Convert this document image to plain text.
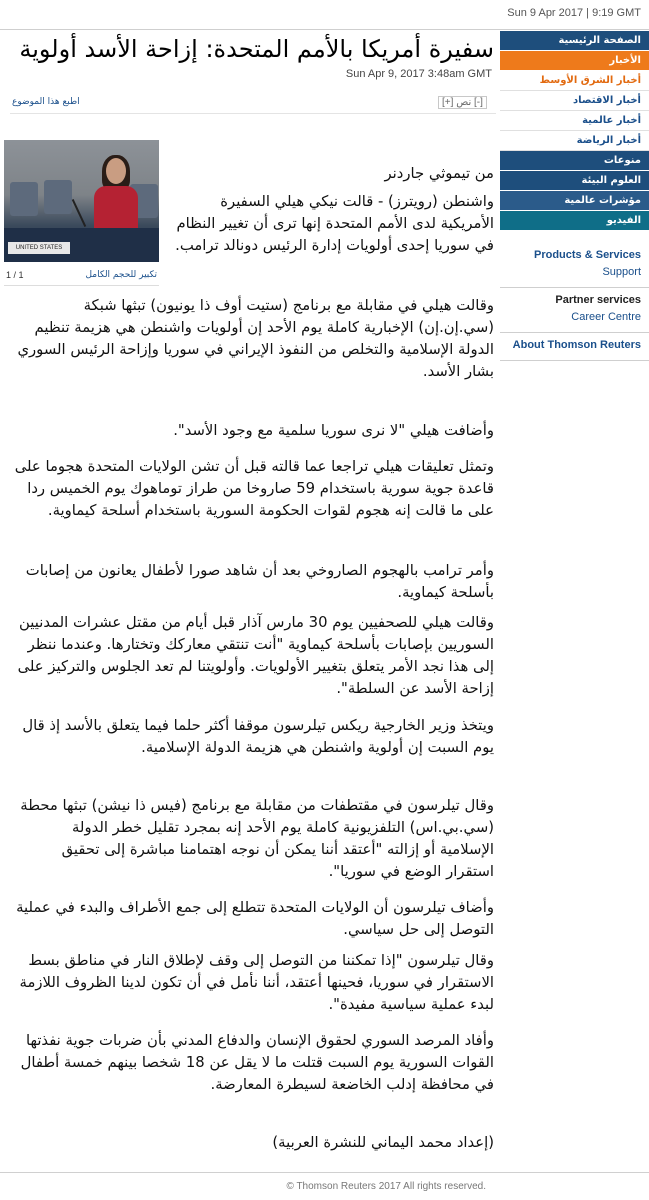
Sun 9 Apr 2017 | 9:19 GMT
سفيرة أمريكا بالأمم المتحدة: إزاحة الأسد أولوية
Sun Apr 9, 2017 3:48am GMT
اطبع هذا الموضوع	[+] نص [-]
UNITED STATES
تكبير للحجم الكامل
1 / 1

من تيموثي جاردنر

واشنطن (رويترز) - قالت نيكي هيلي السفيرة الأمريكية لدى الأمم المتحدة إنها ترى أن تغيير النظام في سوريا إحدى أولويات إدارة الرئيس دونالد ترامب.

وقالت هيلي في مقابلة مع برنامج (ستيت أوف ذا يونيون) تبثها شبكة (سي.إن.إن) الإخبارية كاملة يوم الأحد إن أولويات واشنطن هي هزيمة تنظيم الدولة الإسلامية والتخلص من النفوذ الإيراني في سوريا وإزاحة الرئيس السوري بشار الأسد.

وأضافت هيلي "لا نرى سوريا سلمية مع وجود الأسد".

وتمثل تعليقات هيلي تراجعا عما قالته قبل أن تشن الولايات المتحدة هجوما على قاعدة جوية سورية باستخدام 59 صاروخا من طراز توماهوك يوم الخميس ردا على ما قالت إنه هجوم لقوات الحكومة السورية باستخدام أسلحة كيماوية.

وأمر ترامب بالهجوم الصاروخي بعد أن شاهد صورا لأطفال يعانون من إصابات بأسلحة كيماوية.

وقالت هيلي للصحفيين يوم 30 مارس آذار قبل أيام من مقتل عشرات المدنيين السوريين بإصابات بأسلحة كيماوية "أنت تنتقي معاركك وتختارها. وعندما ننظر إلى هذا نجد الأمر يتعلق بتغيير الأولويات. وأولويتنا لم تعد الجلوس والتركيز على إزاحة الأسد عن السلطة".

ويتخذ وزير الخارجية ريكس تيلرسون موقفا أكثر حلما فيما يتعلق بالأسد إذ قال يوم السبت إن أولوية واشنطن هي هزيمة الدولة الإسلامية.

وقال تيلرسون في مقتطفات من مقابلة مع برنامج (فيس ذا نيشن) تبثها محطة (سي.بي.اس) التلفزيونية كاملة يوم الأحد إنه بمجرد تقليل خطر الدولة الإسلامية أو إزالته "أعتقد أننا يمكن أن نوجه اهتمامنا مباشرة إلى تحقيق استقرار الوضع في سوريا".

وأضاف تيلرسون أن الولايات المتحدة تتطلع إلى جمع الأطراف والبدء في عملية التوصل إلى حل سياسي.

وقال تيلرسون "إذا تمكننا من التوصل إلى وقف لإطلاق النار في مناطق بسط الاستقرار في سوريا، فحينها أعتقد، أننا نأمل في أن تكون لدينا الظروف اللازمة لبدء عملية سياسية مفيدة".

وأفاد المرصد السوري لحقوق الإنسان والدفاع المدني بأن ضربات جوية نفذتها القوات السورية يوم السبت قتلت ما لا يقل عن 18 شخصا بينهم خمسة أطفال في محافظة إدلب الخاضعة لسيطرة المعارضة.

(إعداد محمد اليماني للنشرة العربية)

الصفحة الرئيسية
الأخبار
أخبار الشرق الأوسط
أخبار الاقتصاد
أخبار عالمية
أخبار الرياضة
منوعات
العلوم البيئة
مؤشرات عالمية
الفيديو
Products & Services
Support
Partner services
Career Centre
About Thomson Reuters
© Thomson Reuters 2017 All rights reserved.
